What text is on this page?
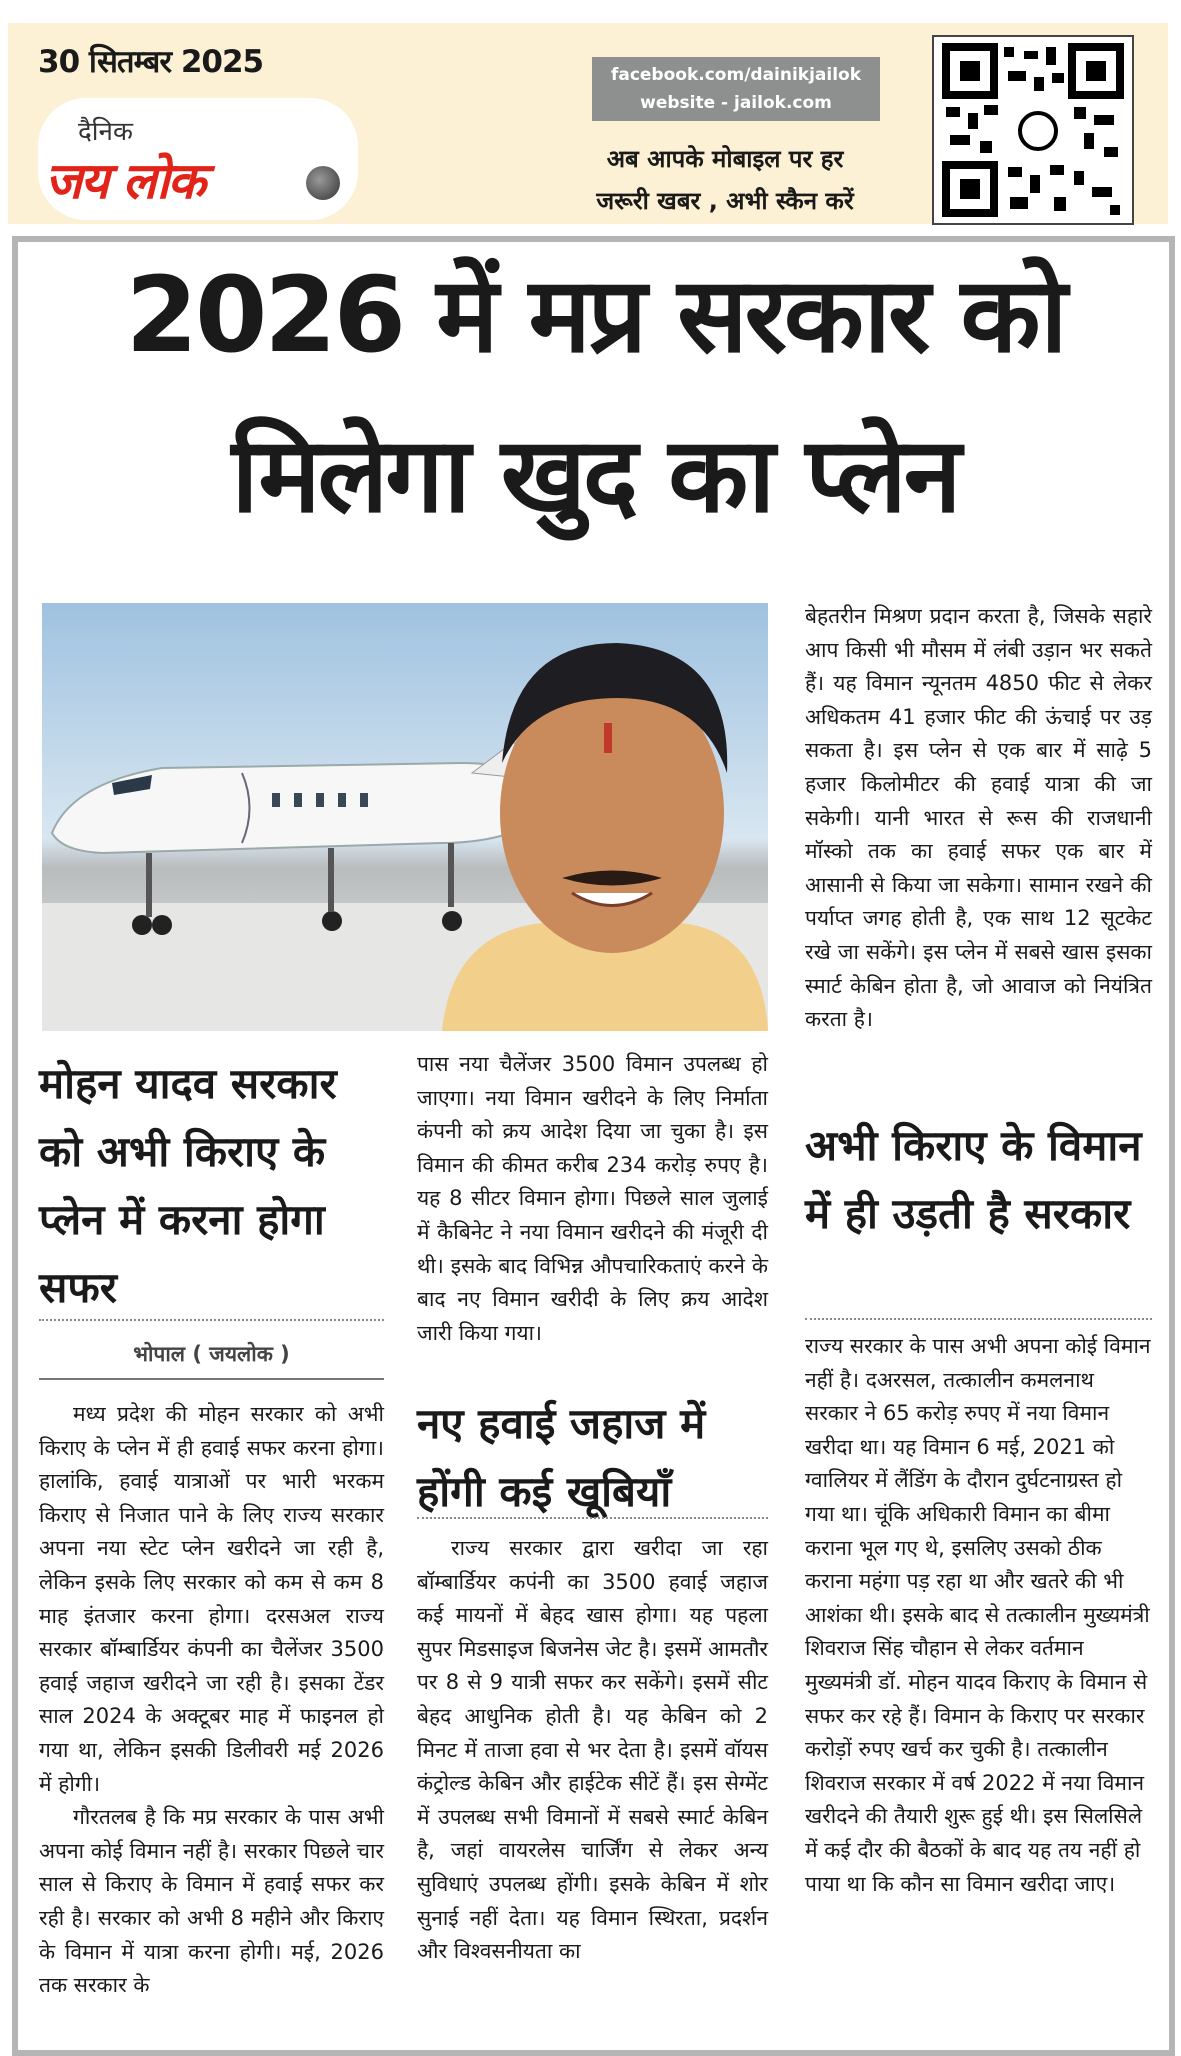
30 सितम्बर 2025
दैनिक
जय लोक
facebook.com/dainikjailok
website - jailok.com
अब आपके मोबाइल पर हर
जरूरी खबर , अभी स्कैन करें
2026 में मप्र सरकार को
मिलेगा खुद का प्लेन
बेहतरीन मिश्रण प्रदान करता है, जिसके सहारे आप किसी भी मौसम में लंबी उड़ान भर सकते हैं। यह विमान न्यूनतम 4850 फीट से लेकर अधिकतम 41 हजार फीट की ऊंचाई पर उड़ सकता है। इस प्लेन से एक बार में साढ़े 5 हजार किलोमीटर की हवाई यात्रा की जा सकेगी। यानी भारत से रूस की राजधानी मॉस्को तक का हवाई सफर एक बार में आसानी से किया जा सकेगा। सामान रखने की पर्याप्त जगह होती है, एक साथ 12 सूटकेट रखे जा सकेंगे। इस प्लेन में सबसे खास इसका स्मार्ट केबिन होता है, जो आवाज को नियंत्रित करता है।
अभी किराए के विमान में ही उड़ती है सरकार
राज्य सरकार के पास अभी अपना कोई विमान नहीं है। दअरसल, तत्कालीन कमलनाथ सरकार ने 65 करोड़ रुपए में नया विमान खरीदा था। यह विमान 6 मई, 2021 को ग्वालियर में लैंडिंग के दौरान दुर्घटनाग्रस्त हो गया था। चूंकि अधिकारी विमान का बीमा कराना भूल गए थे, इसलिए उसको ठीक कराना महंगा पड़ रहा था और खतरे की भी आशंका थी। इसके बाद से तत्कालीन मुख्यमंत्री शिवराज सिंह चौहान से लेकर वर्तमान मुख्यमंत्री डॉ. मोहन यादव किराए के विमान से सफर कर रहे हैं। विमान के किराए पर सरकार करोड़ों रुपए खर्च कर चुकी है। तत्कालीन शिवराज सरकार में वर्ष 2022 में नया विमान खरीदने की तैयारी शुरू हुई थी। इस सिलसिले में कई दौर की बैठकों के बाद यह तय नहीं हो पाया था कि कौन सा विमान खरीदा जाए।
मोहन यादव सरकार को अभी किराए के प्लेन में करना होगा सफर
भोपाल ( जयलोक )

मध्य प्रदेश की मोहन सरकार को अभी किराए के प्लेन में ही हवाई सफर करना होगा। हालांकि, हवाई यात्राओं पर भारी भरकम किराए से निजात पाने के लिए राज्य सरकार अपना नया स्टेट प्लेन खरीदने जा रही है, लेकिन इसके लिए सरकार को कम से कम 8 माह इंतजार करना होगा। दरसअल राज्य सरकार बॉम्बार्डियर कंपनी का चैलेंजर 3500 हवाई जहाज खरीदने जा रही है। इसका टेंडर साल 2024 के अक्टूबर माह में फाइनल हो गया था, लेकिन इसकी डिलीवरी मई 2026 में होगी।

गौरतलब है कि मप्र सरकार के पास अभी अपना कोई विमान नहीं है। सरकार पिछले चार साल से किराए के विमान में हवाई सफर कर रही है। सरकार को अभी 8 महीने और किराए के विमान में यात्रा करना होगी। मई, 2026 तक सरकार के

पास नया चैलेंजर 3500 विमान उपलब्ध हो जाएगा। नया विमान खरीदने के लिए निर्माता कंपनी को क्रय आदेश दिया जा चुका है। इस विमान की कीमत करीब 234 करोड़ रुपए है। यह 8 सीटर विमान होगा। पिछले साल जुलाई में कैबिनेट ने नया विमान खरीदने की मंजूरी दी थी। इसके बाद विभिन्न औपचारिकताएं करने के बाद नए विमान खरीदी के लिए क्रय आदेश जारी किया गया।
नए हवाई जहाज में होंगी कई खूबियाँ

राज्य सरकार द्वारा खरीदा जा रहा बॉम्बार्डियर कपंनी का 3500 हवाई जहाज कई मायनों में बेहद खास होगा। यह पहला सुपर मिडसाइज बिजनेस जेट है। इसमें आमतौर पर 8 से 9 यात्री सफर कर सकेंगे। इसमें सीट बेहद आधुनिक होती है। यह केबिन को 2 मिनट में ताजा हवा से भर देता है। इसमें वॉयस कंट्रोल्ड केबिन और हाईटेक सीटें हैं। इस सेग्मेंट में उपलब्ध सभी विमानों में सबसे स्मार्ट केबिन है, जहां वायरलेस चार्जिंग से लेकर अन्य सुविधाएं उपलब्ध होंगी। इसके केबिन में शोर सुनाई नहीं देता। यह विमान स्थिरता, प्रदर्शन और विश्वसनीयता का
